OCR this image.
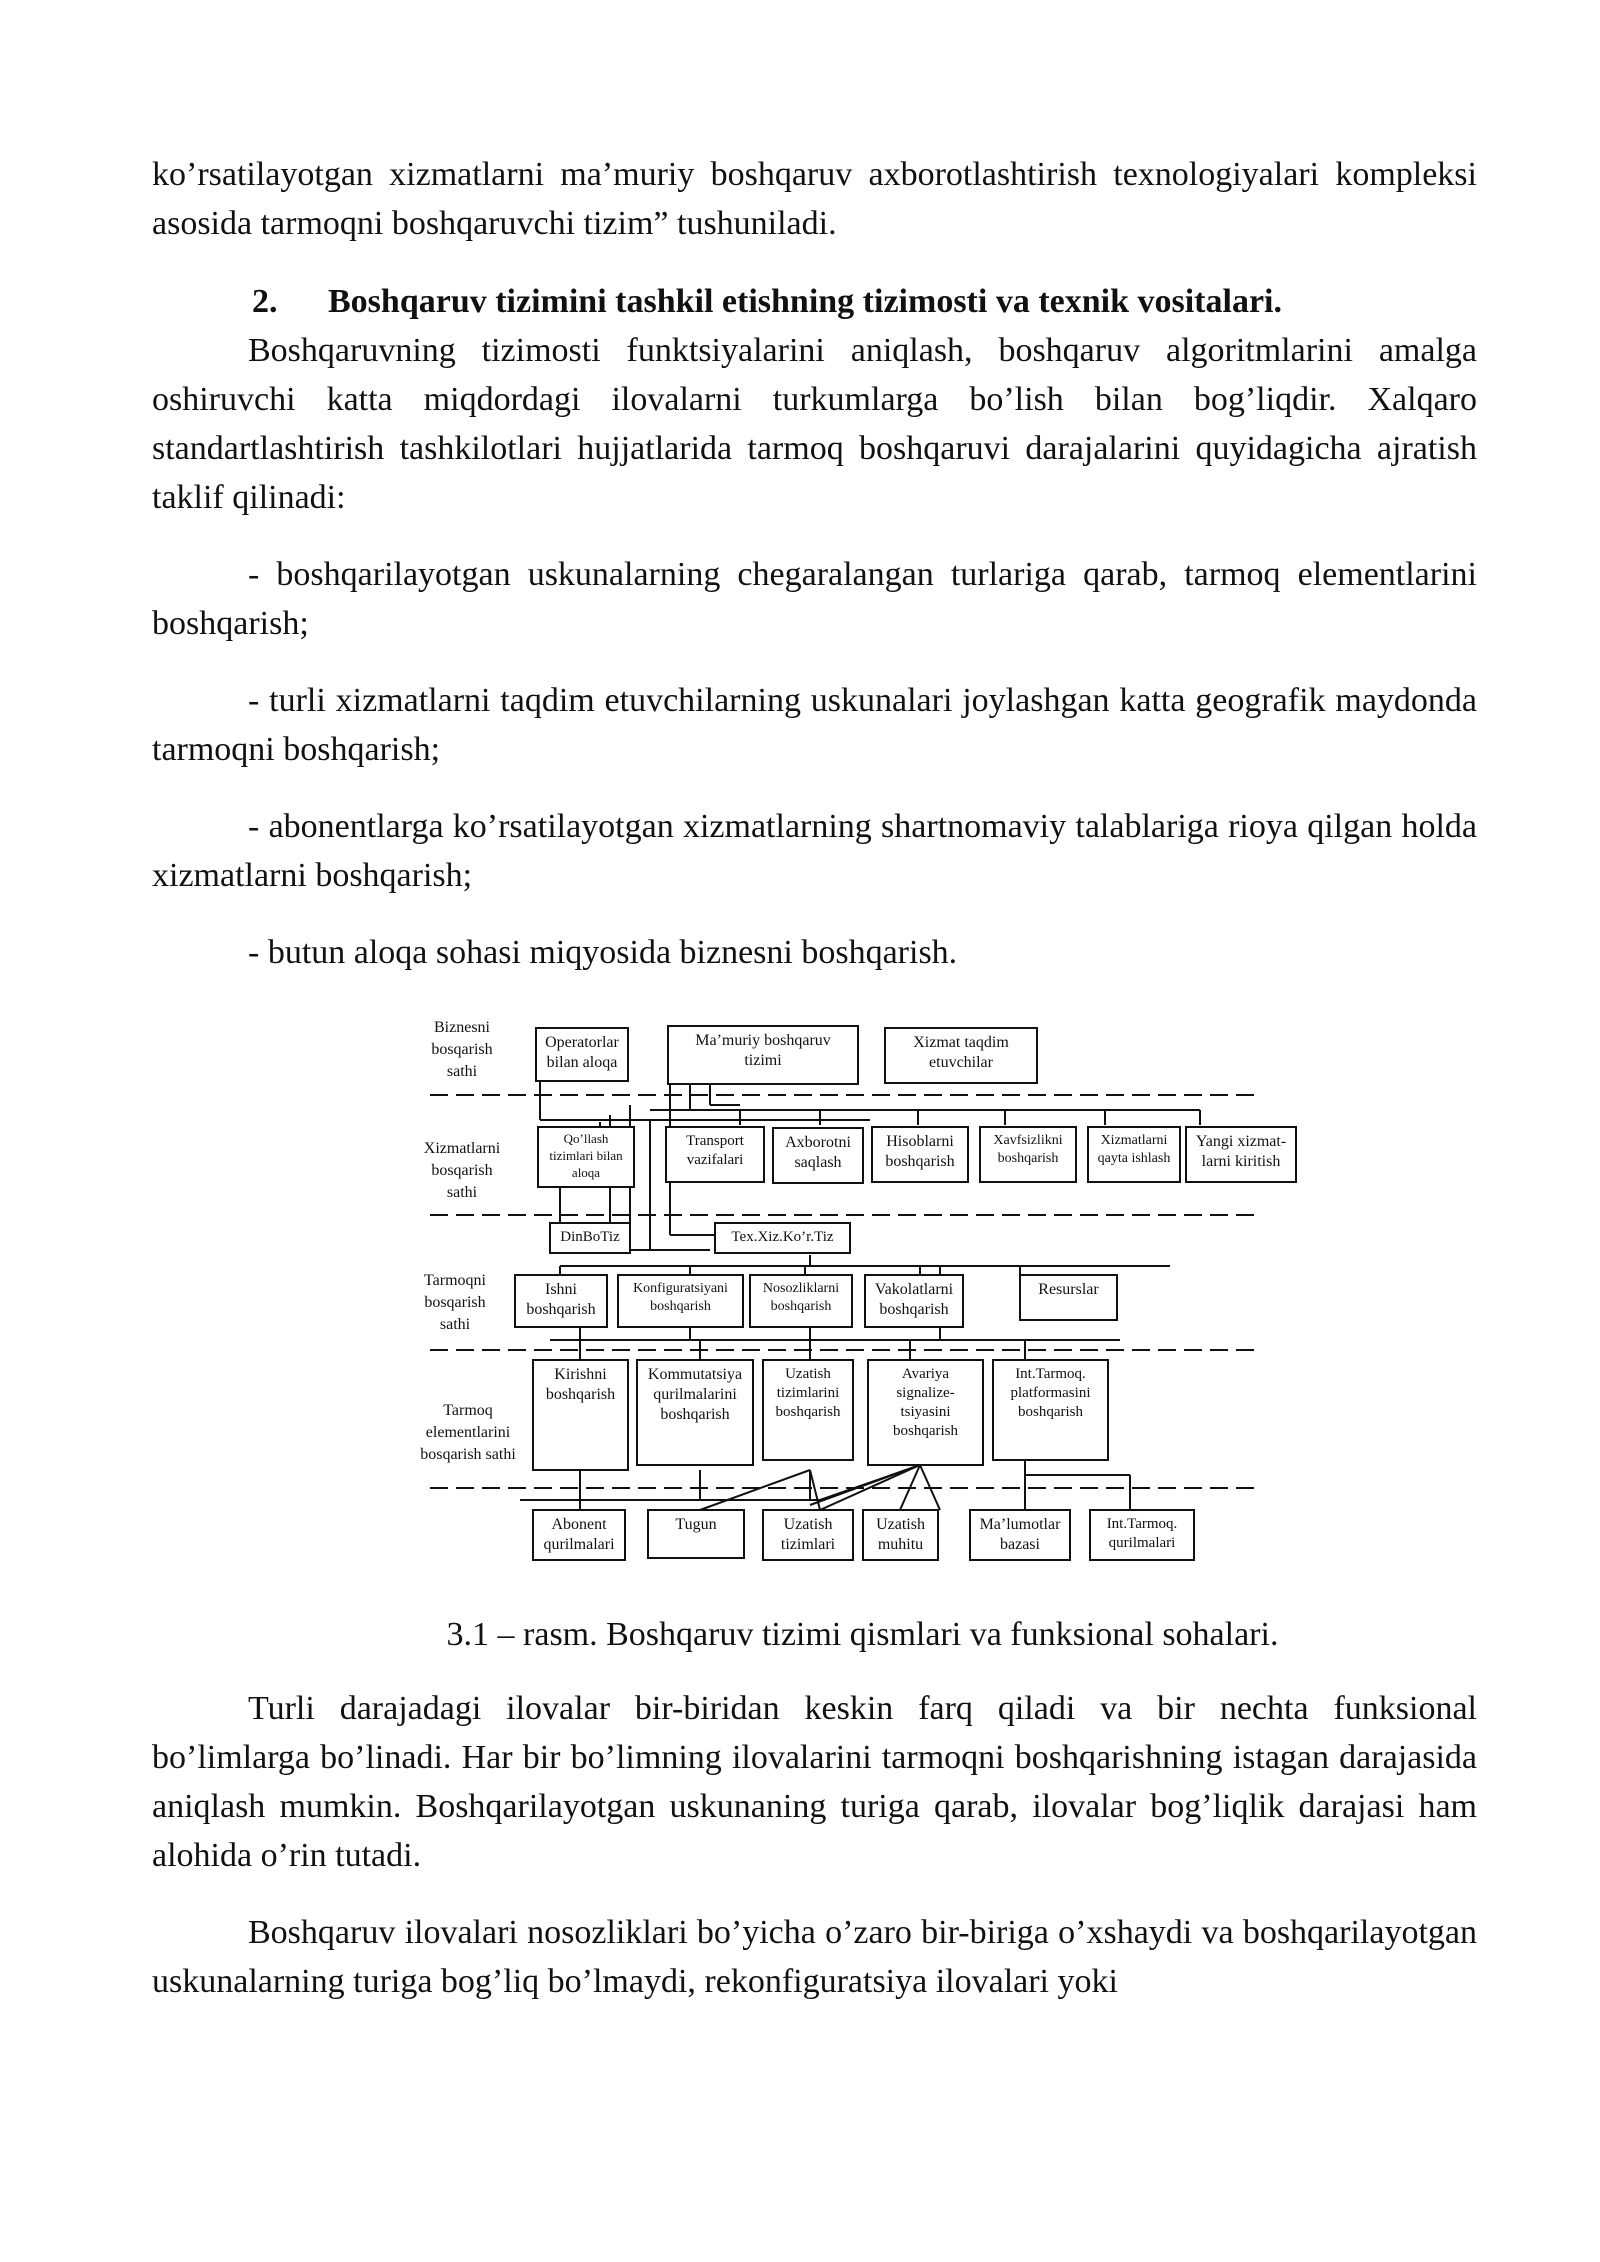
ko’rsatilayotgan xizmatlarni ma’muriy boshqaruv axborotlashtirish texnologiyalari kompleksi asosida tarmoqni boshqaruvchi tizim” tushuniladi.

2. Boshqaruv tizimini tashkil etishning tizimosti va texnik vositalari.

Boshqaruvning tizimosti funktsiyalarini aniqlash, boshqaruv algoritmlarini amalga oshiruvchi katta miqdordagi ilovalarni turkumlarga bo’lish bilan bog’liqdir. Xalqaro standartlashtirish tashkilotlari hujjatlarida tarmoq boshqaruvi darajalarini quyidagicha ajratish taklif qilinadi:

- boshqarilayotgan uskunalarning chegaralangan turlariga qarab, tarmoq elementlarini boshqarish;

- turli xizmatlarni taqdim etuvchilarning uskunalari joylashgan katta geografik maydonda tarmoqni boshqarish;

- abonentlarga ko’rsatilayotgan xizmatlarning shartnomaviy talablariga rioya qilgan holda xizmatlarni boshqarish;

- butun aloqa sohasi miqyosida biznesni boshqarish.

Operatorlar
bilan aloqa
Ma’muriy boshqaruv
tizimi
Xizmat taqdim
etuvchilar
Qo’llash
tizimlari bilan
aloqa
Transport
vazifalari
Axborotni
saqlash
Hisoblarni
boshqarish
Xavfsizlikni
boshqarish
Xizmatlarni
qayta ishlash
Yangi xizmat-
larni kiritish
DinBoTiz	Tex.Xiz.Ko’r.Tiz
Ishni
boshqarish
Konfiguratsiyani
boshqarish
Nosozliklarni
boshqarish
Vakolatlarni
boshqarish
Resurslar
Kirishni
boshqarish
Kommutatsiya
qurilmalarini
boshqarish
Uzatish
tizimlarini
boshqarish
Avariya
signalize-
tsiyasini
boshqarish
Int.Tarmoq.
platformasini
boshqarish
Abonent
qurilmalari
Tugun	Uzatish
tizimlari
Uzatish
muhitu
Ma’lumotlar
bazasi
Int.Tarmoq.
qurilmalari
Biznesni
bosqarish
sathi
Xizmatlarni
bosqarish
sathi
Tarmoqni
bosqarish
sathi
Tarmoq
elementlarini
bosqarish sathi

3.1 – rasm. Boshqaruv tizimi qismlari va funksional sohalari.

Turli darajadagi ilovalar bir-biridan keskin farq qiladi va bir nechta funksional bo’limlarga bo’linadi. Har bir bo’limning ilovalarini tarmoqni boshqarishning istagan darajasida aniqlash mumkin. Boshqarilayotgan uskunaning turiga qarab, ilovalar bog’liqlik darajasi ham alohida o’rin tutadi.

Boshqaruv ilovalari nosozliklari bo’yicha o’zaro bir-biriga o’xshaydi va boshqarilayotgan uskunalarning turiga bog’liq bo’lmaydi, rekonfiguratsiya ilovalari yoki
